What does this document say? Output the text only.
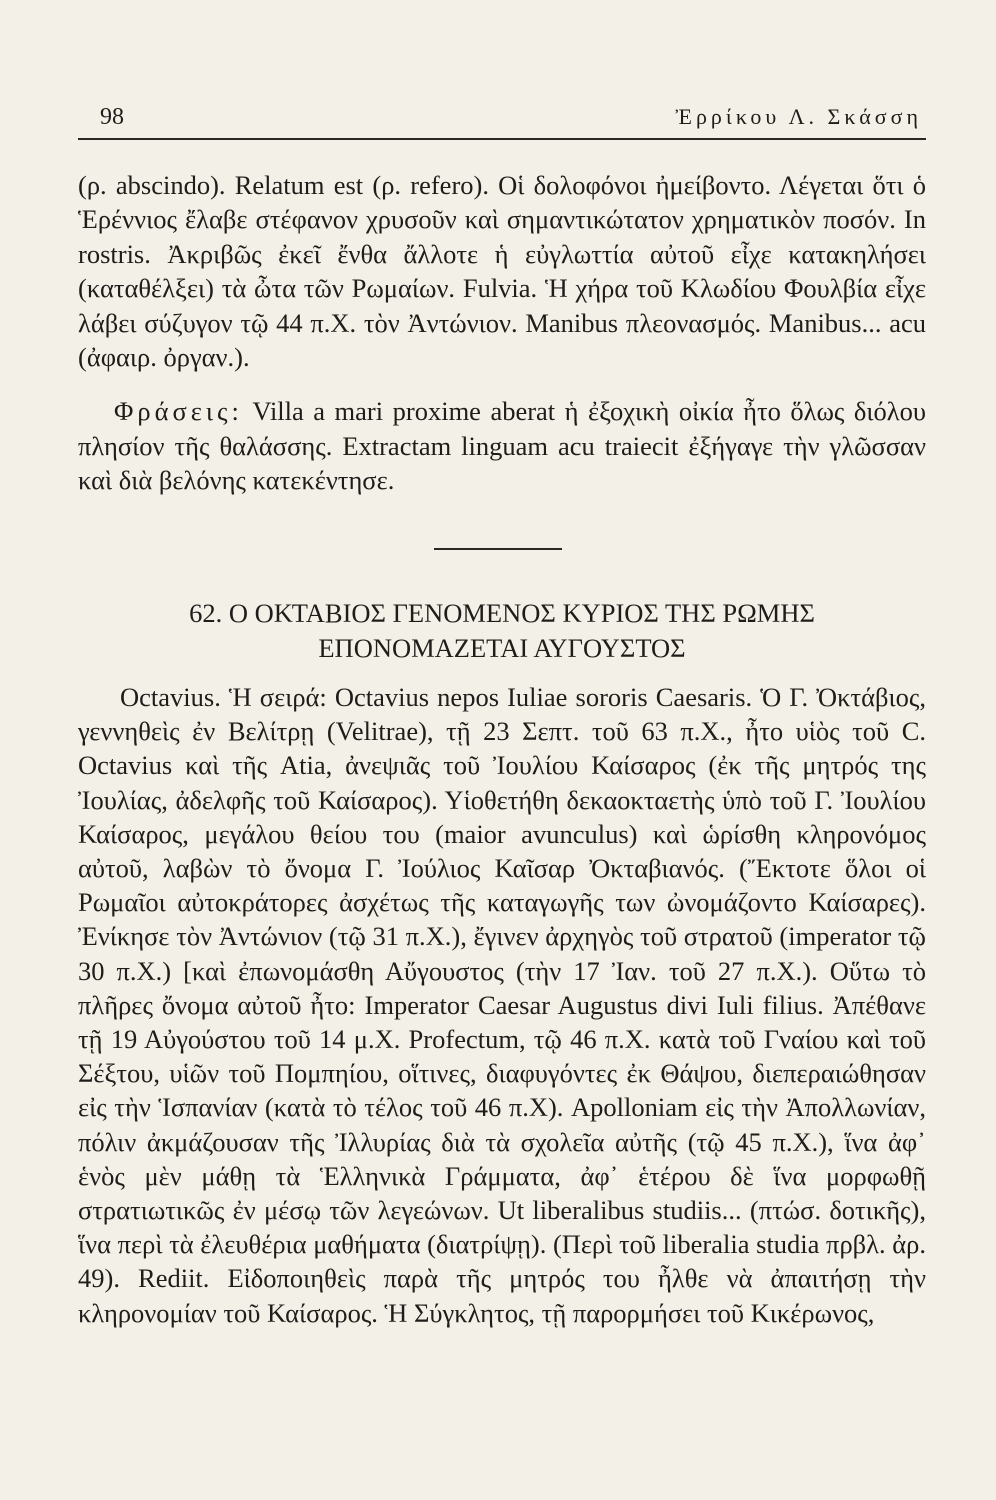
98	Ἐρρίκου Λ. Σκάσση

(ρ. abscindo). Relatum est (ρ. refero). Οἱ δολοφόνοι ἠμείβοντο. Λέγεται ὅτι ὁ Ἑρέννιος ἔλαβε στέφανον χρυσοῦν καὶ σημαντικώτατον χρηματικὸν ποσόν. In rostris. Ἀκριβῶς ἐκεῖ ἔνθα ἄλλοτε ἡ εὐγλωττία αὐτοῦ εἶχε κατακηλήσει (καταθέλξει) τὰ ὦτα τῶν Ρωμαίων. Fulvia. Ἡ χήρα τοῦ Κλωδίου Φουλβία εἶχε λάβει σύζυγον τῷ 44 π.Χ. τὸν Ἀντώνιον. Manibus πλεονασμός. Manibus... acu (ἀφαιρ. ὀργαν.).

Φράσεις: Villa a mari proxime aberat ἡ ἐξοχικὴ οἰκία ἦτο ὅλως διόλου πλησίον τῆς θαλάσσης. Extractam linguam acu traiecit ἐξήγαγε τὴν γλῶσσαν καὶ διὰ βελόνης κατεκέντησε.

62. Ο ΟΚΤΑΒΙΟΣ ΓΕΝΟΜΕΝΟΣ ΚΥΡΙΟΣ ΤΗΣ ΡΩΜΗΣ
ΕΠΟΝΟΜΑΖΕΤΑΙ ΑΥΓΟΥΣΤΟΣ

Octavius. Ἡ σειρά: Octavius nepos Iuliae sororis Caesaris. Ὁ Γ. Ὀκτάβιος, γεννηθεὶς ἐν Βελίτρῃ (Velitrae), τῇ 23 Σεπτ. τοῦ 63 π.Χ., ἦτο υἱὸς τοῦ C. Octavius καὶ τῆς Atia, ἀνεψιᾶς τοῦ Ἰουλίου Καίσαρος (ἐκ τῆς μητρός της Ἰουλίας, ἀδελφῆς τοῦ Καίσαρος). Υἱοθετήθη δεκαοκταετὴς ὑπὸ τοῦ Γ. Ἰουλίου Καίσαρος, μεγάλου θείου του (maior avunculus) καὶ ὡρίσθη κληρονόμος αὐτοῦ, λαβὼν τὸ ὄνομα Γ. Ἰούλιος Καῖσαρ Ὀκταβιανός. (Ἔκτοτε ὅλοι οἱ Ρωμαῖοι αὐτοκράτορες ἀσχέτως τῆς καταγωγῆς των ὠνομάζοντο Καίσαρες). Ἐνίκησε τὸν Ἀντώνιον (τῷ 31 π.Χ.), ἔγινεν ἀρχηγὸς τοῦ στρατοῦ (imperator τῷ 30 π.Χ.) [καὶ ἐπωνομάσθη Αὔγουστος (τὴν 17 Ἰαν. τοῦ 27 π.Χ.). Οὕτω τὸ πλῆρες ὄνομα αὐτοῦ ἦτο: Imperator Caesar Augustus divi Iuli filius. Ἀπέθανε τῇ 19 Αὐγούστου τοῦ 14 μ.Χ. Profectum, τῷ 46 π.Χ. κατὰ τοῦ Γναίου καὶ τοῦ Σέξτου, υἱῶν τοῦ Πομπηίου, οἵτινες, διαφυγόντες ἐκ Θάψου, διεπεραιώθησαν εἰς τὴν Ἱσπανίαν (κατὰ τὸ τέλος τοῦ 46 π.Χ). Apolloniam εἰς τὴν Ἀπολλωνίαν, πόλιν ἀκμάζουσαν τῆς Ἰλλυρίας διὰ τὰ σχολεῖα αὐτῆς (τῷ 45 π.Χ.), ἵνα ἀφ᾽ ἑνὸς μὲν μάθῃ τὰ Ἑλληνικὰ Γράμματα, ἀφ᾽ ἑτέρου δὲ ἵνα μορφωθῇ στρατιωτικῶς ἐν μέσῳ τῶν λεγεώνων. Ut liberalibus studiis... (πτώσ. δοτικῆς), ἵνα περὶ τὰ ἐλευθέρια μαθήματα (διατρίψῃ). (Περὶ τοῦ liberalia studia πρβλ. ἀρ. 49). Rediit. Εἰδοποιηθεὶς παρὰ τῆς μητρός του ἦλθε νὰ ἀπαιτήσῃ τὴν κληρονομίαν τοῦ Καίσαρος. Ἡ Σύγκλητος, τῇ παρορμήσει τοῦ Κικέρωνος,
